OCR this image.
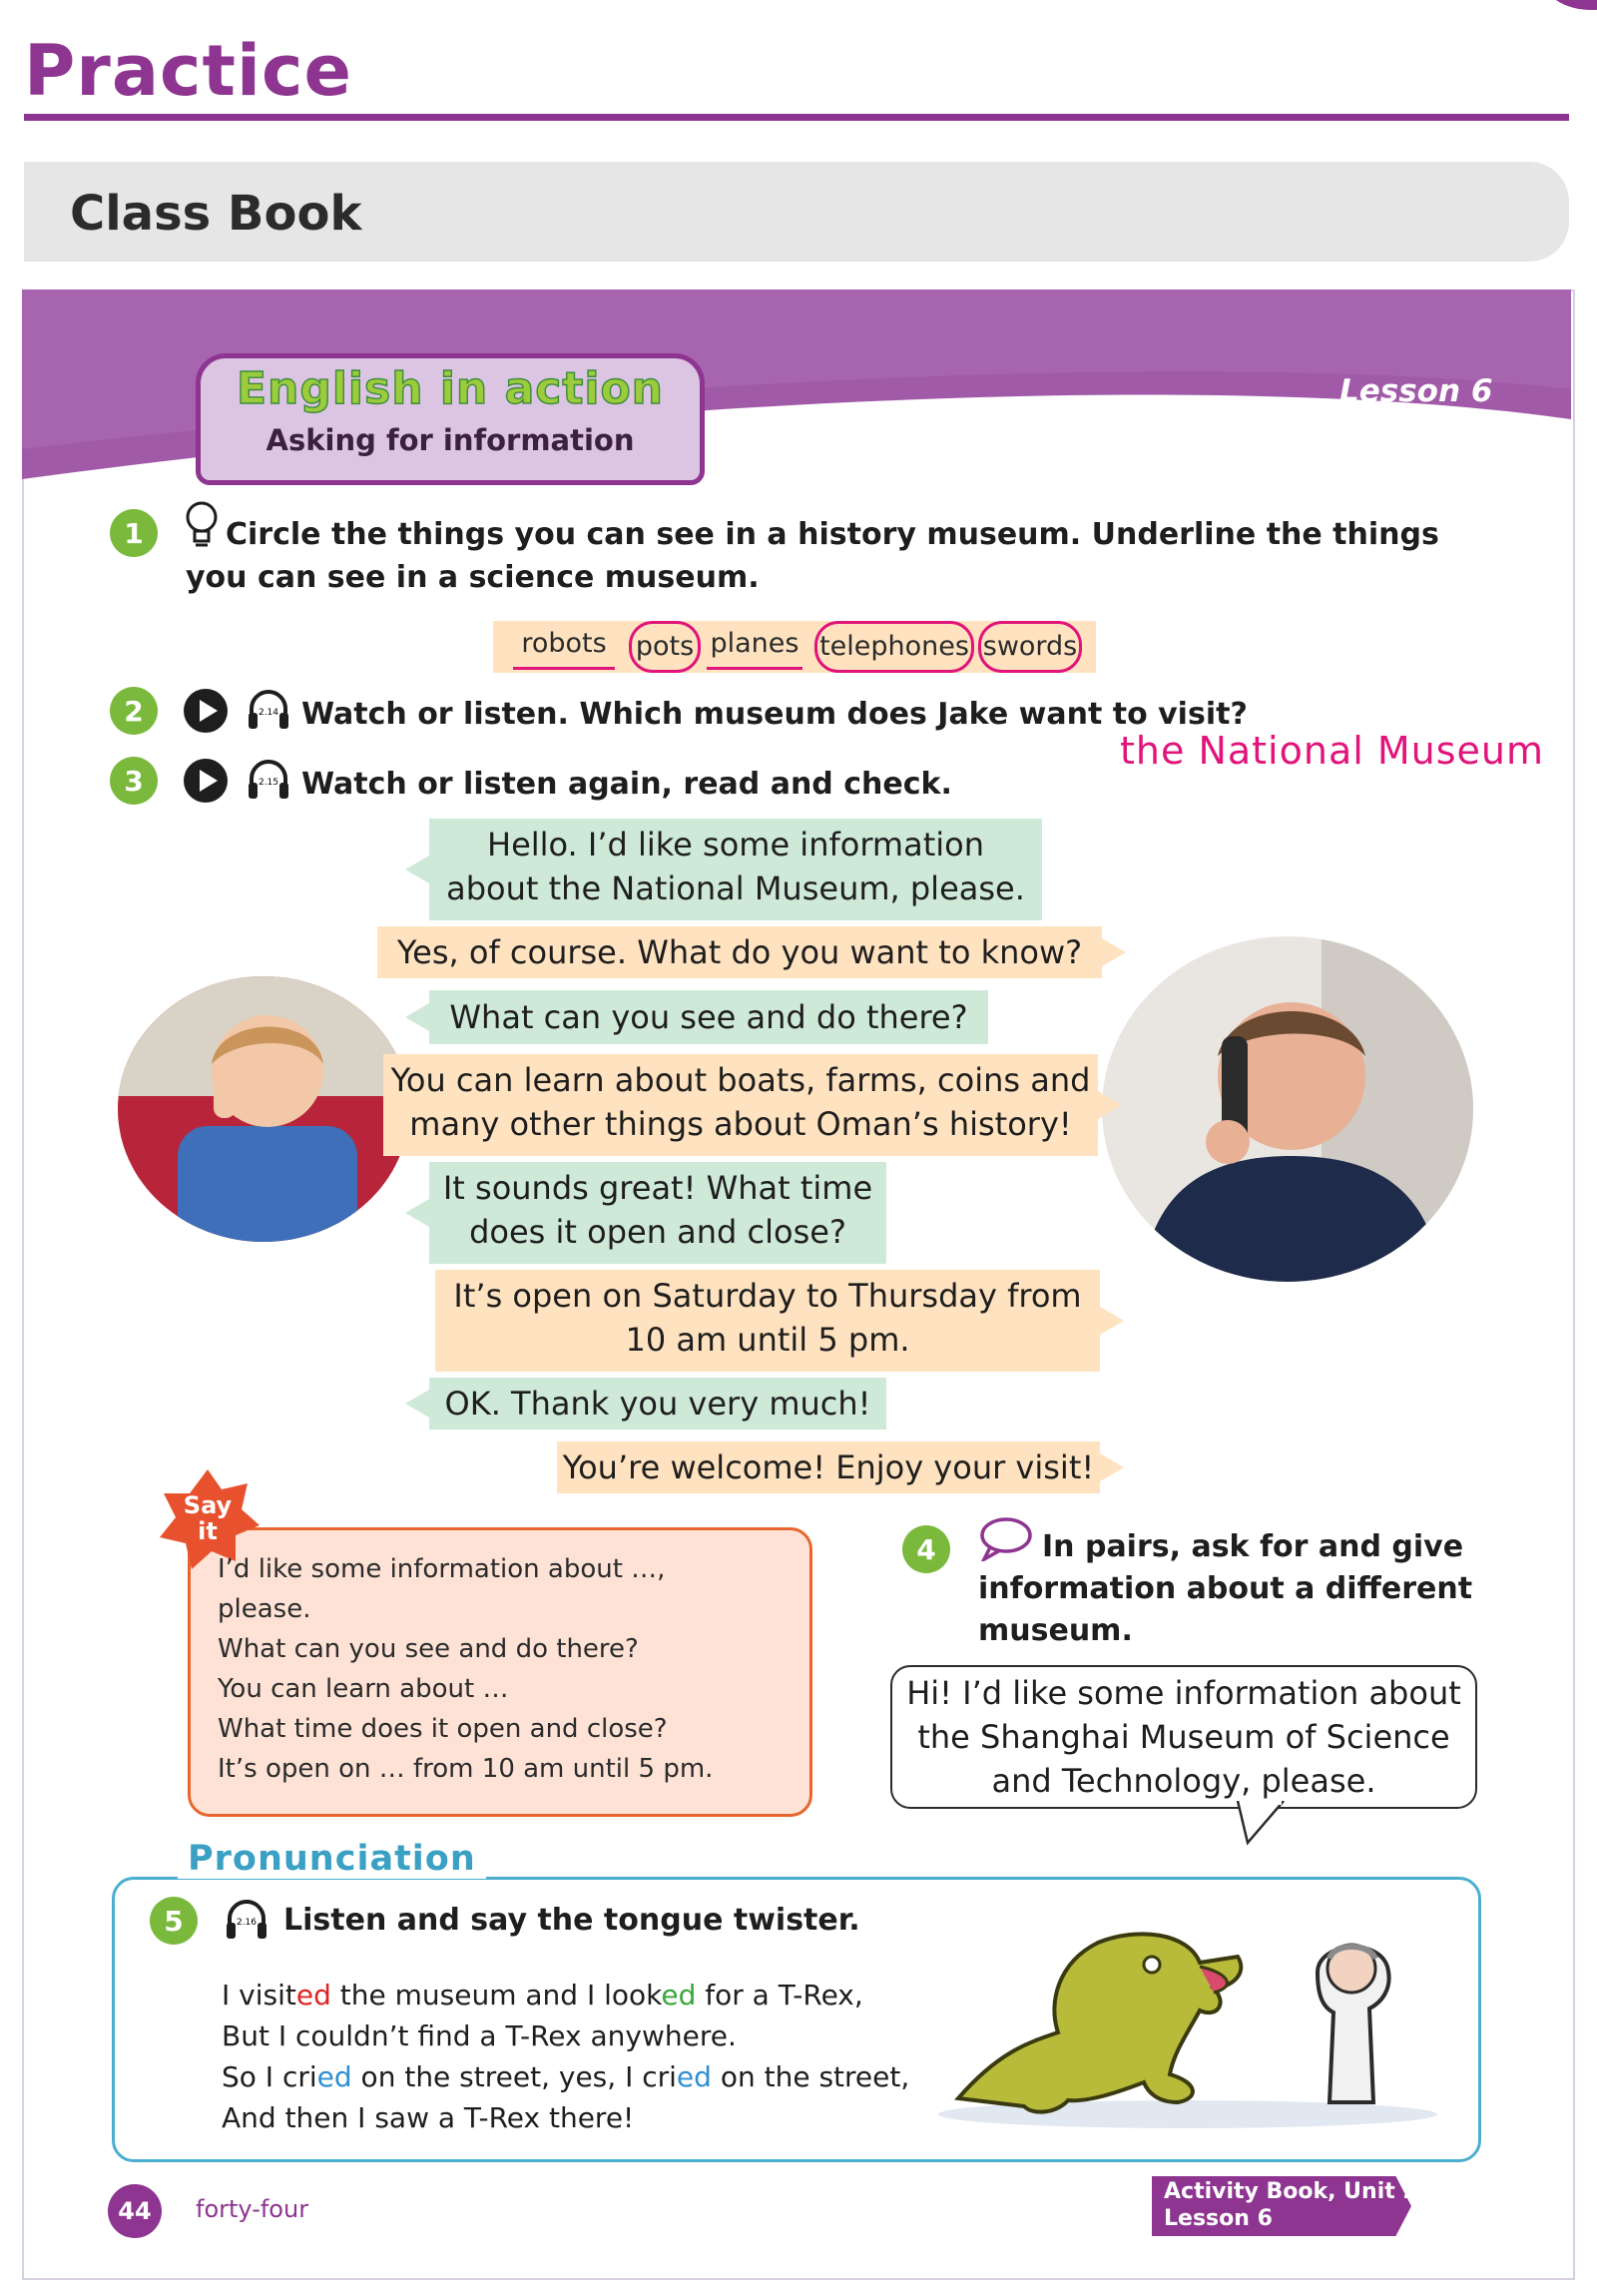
Practice
Class Book
English in action
Asking for information
Lesson 6
1	Circle the things you can see in a history museum. Underline the things
you can see in a science museum.
robots	pots planes telephones swords
2	2.14 Watch or listen. Which museum does Jake want to visit?
the National Museum
3	2.15 Watch or listen again, read and check.
Hello. I’d like some information
about the National Museum, please.
Yes, of course. What do you want to know?
What can you see and do there?
You can learn about boats, farms, coins and
many other things about Oman’s history!
It sounds great! What time
does it open and close?
It’s open on Saturday to Thursday from
10 am until 5 pm.
OK. Thank you very much!
You’re welcome! Enjoy your visit!
Say
it
I’d like some information about …,
please.
What can you see and do there?
You can learn about …
What time does it open and close?
It’s open on … from 10 am until 5 pm.
4	In pairs, ask for and give
information about a different
museum.
Hi! I’d like some information about
the Shanghai Museum of Science
and Technology, please.
Pronunciation
5	2.16 Listen and say the tongue twister.
I visited the museum and I looked for a T-Rex,
But I couldn’t find a T-Rex anywhere.
So I cried on the street, yes, I cried on the street,
And then I saw a T-Rex there!
44	forty-four
Activity Book, Unit 2
Lesson 6
